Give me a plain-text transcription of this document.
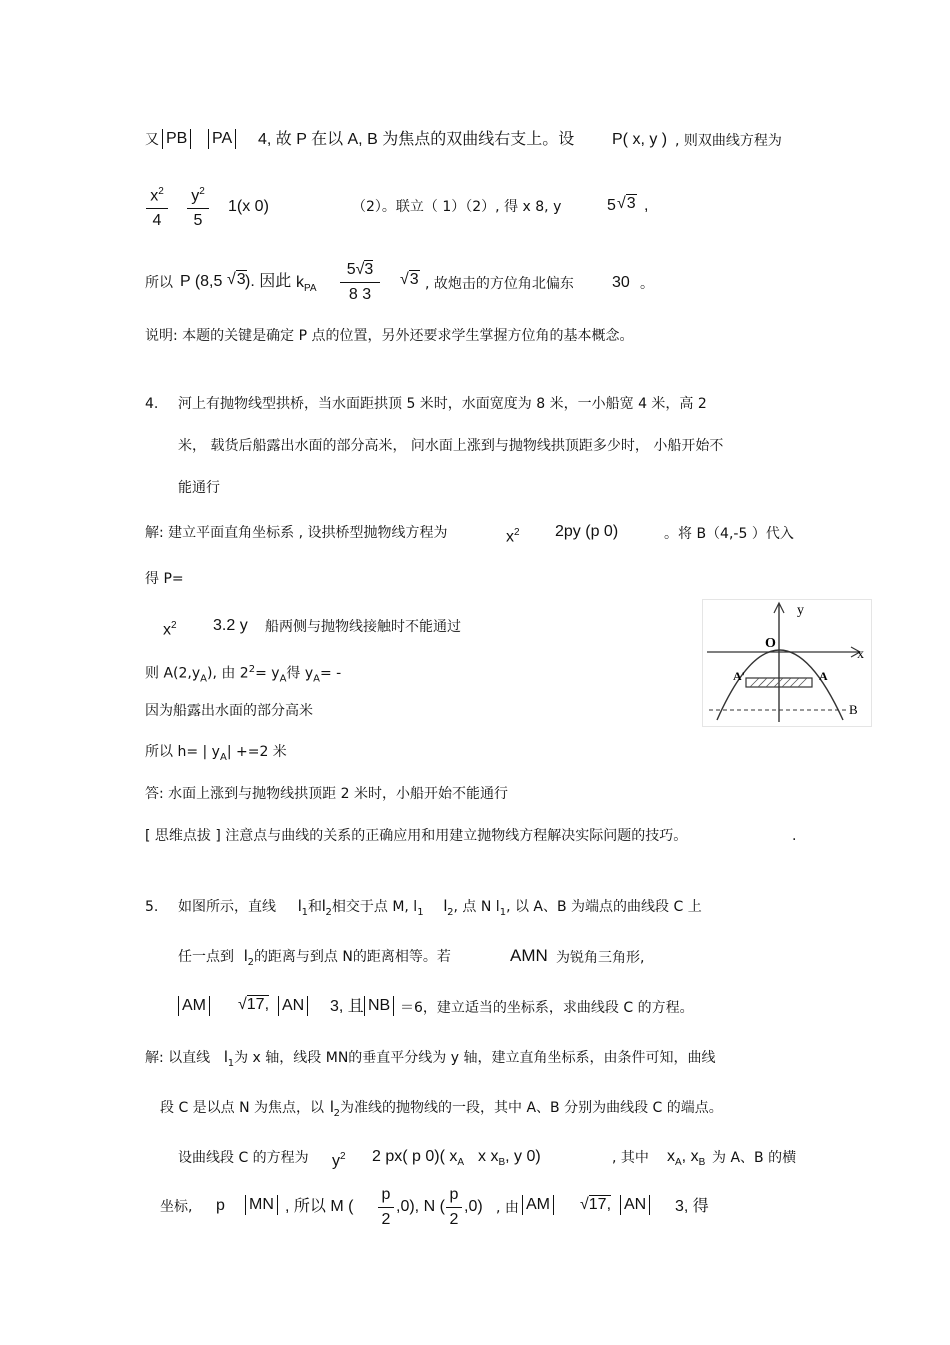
又 PB PA 4, 故 P 在以 A, B 为焦点的双曲线右支上。设 P( x, y ) , 则双曲线方程为
$x^2$
4
$y^2$
5
1(x 0)	（2）。联立（ 1）（2）, 得 x 8, y	5 √3 ,
所以 P (8,5 √3 ). 因此 $k_{PA}$
5√3
8 3
√3 , 故炮击的方位角北偏东 30 。
说明: 本题的关键是确定 P 点的位置，另外还要求学生掌握方位角的基本概念。
4. 河上有抛物线型拱桥，当水面距拱顶 5 米时，水面宽度为 8 米，一小船宽 4 米，高 2
米， 载货后船露出水面的部分高米， 问水面上涨到与抛物线拱顶距多少时， 小船开始不
能通行
解: 建立平面直角坐标系 , 设拱桥型抛物线方程为	$x^2$ 2py (p 0)	。将 B（4,-5 ）代入
得 P=
$x^2$ 3.2 y 船两侧与抛物线接触时不能通过
则 $A(2,y_A)$, 由 $2^2= y_A$得 $y_A=$ -
因为船露出水面的部分高米
所以 h= | $y_A| +=2$ 米
答: 水面上涨到与抛物线拱顶距 2 米时，小船开始不能通行
[ 思维点拔 ] 注意点与曲线的关系的正确应用和用建立抛物线方程解决实际问题的技巧。	.
y
x
O
A'	A
B
5. 如图所示，直线 $l_1$和$l_2$相交于点 M, $l_1$ $l_2$, 点 N $l_1$, 以 A、B 为端点的曲线段 C 上
任一点到 $l_2$的距离与到点 N的距离相等。若	AMN 为锐角三角形,
AM √17, AN 3, 且 NB ＝6，建立适当的坐标系，求曲线段 C 的方程。
解: 以直线 $l_1$为 x 轴，线段 MN的垂直平分线为 y 轴，建立直角坐标系，由条件可知，曲线
段 C 是以点 N 为焦点，以 $l_2$为准线的抛物线的一段，其中 A、B 分别为曲线段 C 的端点。
设曲线段 C 的方程为 $y^2$ 2 px( p 0)( $x_A$ x $x_B$, y 0)	, 其中 $x_A$, $x_B$ 为 A、B 的横
坐标, p MN , 所以 M (
p
2
,0), N (
p
2
,0) , 由 AM √17, AN 3, 得
